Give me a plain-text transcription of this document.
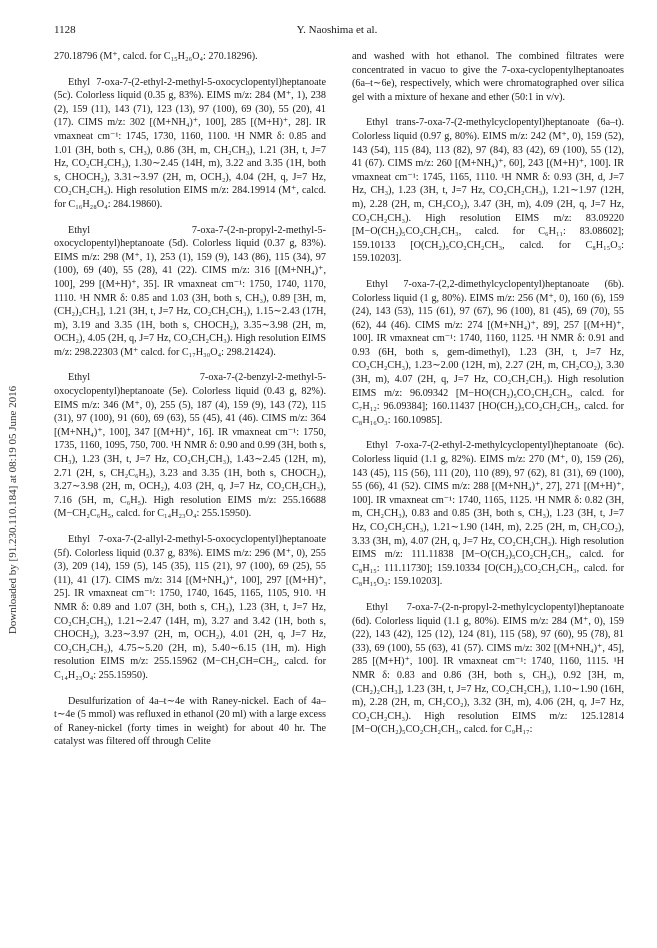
1128	Y. Naoshima et al.
Downloaded by [91.230.110.184] at 08:19 05 June 2016

270.18796 (M⁺, calcd. for C₁₅H₂₆O₄: 270.18296).

Ethyl 7-oxa-7-(2-ethyl-2-methyl-5-oxocyclopentyl)heptanoate (5c). Colorless liquid (0.35 g, 83%). EIMS m/z: 284 (M⁺, 1), 238 (2), 159 (11), 143 (71), 123 (13), 97 (100), 69 (30), 55 (20), 41 (17). CIMS m/z: 302 [(M+NH₄)⁺, 100], 285 [(M+H)⁺, 28]. IR νmaxneat cm⁻¹: 1745, 1730, 1160, 1100. ¹H NMR δ: 0.85 and 1.01 (3H, both s, CH₃), 0.86 (3H, m, CH₂CH₃), 1.21 (3H, t, J=7 Hz, CO₂CH₂CH₃), 1.30∼2.45 (14H, m), 3.22 and 3.35 (1H, both s, CHOCH₂), 3.31∼3.97 (2H, m, OCH₂), 4.04 (2H, q, J=7 Hz, CO₂CH₂CH₃). High resolution EIMS m/z: 284.19914 (M⁺, calcd. for C₁₆H₂₈O₄: 284.19860).

Ethyl 7-oxa-7-(2-n-propyl-2-methyl-5-oxocyclopentyl)heptanoate (5d). Colorless liquid (0.37 g, 83%). EIMS m/z: 298 (M⁺, 1), 253 (1), 159 (9), 143 (86), 115 (34), 97 (100), 69 (40), 55 (28), 41 (22). CIMS m/z: 316 [(M+NH₄)⁺, 100], 299 [(M+H)⁺, 35]. IR νmaxneat cm⁻¹: 1750, 1740, 1170, 1110. ¹H NMR δ: 0.85 and 1.03 (3H, both s, CH₃), 0.89 [3H, m, (CH₂)₂CH₃], 1.21 (3H, t, J=7 Hz, CO₂CH₂CH₃), 1.15∼2.43 (17H, m), 3.19 and 3.35 (1H, both s, CHOCH₂), 3.35∼3.98 (2H, m, OCH₂), 4.05 (2H, q, J=7 Hz, CO₂CH₂CH₃). High resolution EIMS m/z: 298.22303 (M⁺ calcd. for C₁₇H₃₀O₄: 298.21424).

Ethyl 7-oxa-7-(2-benzyl-2-methyl-5-oxocyclopentyl)heptanoate (5e). Colorless liquid (0.43 g, 82%). EIMS m/z: 346 (M⁺, 0), 255 (5), 187 (4), 159 (9), 143 (72), 115 (31), 97 (100), 91 (60), 69 (63), 55 (45), 41 (46). CIMS m/z: 364 [(M+NH₄)⁺, 100], 347 [(M+H)⁺, 16]. IR νmaxneat cm⁻¹: 1750, 1735, 1160, 1095, 750, 700. ¹H NMR δ: 0.90 and 0.99 (3H, both s, CH₃), 1.23 (3H, t, J=7 Hz, CO₂CH₂CH₃), 1.43∼2.45 (12H, m), 2.71 (2H, s, CH₂C₆H₅), 3.23 and 3.35 (1H, both s, CHOCH₂), 3.27∼3.98 (2H, m, OCH₂), 4.03 (2H, q, J=7 Hz, CO₂CH₂CH₃), 7.16 (5H, m, C₆H₅). High resolution EIMS m/z: 255.16688 (M−CH₂C₆H₅, calcd. for C₁₄H₂₃O₄: 255.15950).

Ethyl 7-oxa-7-(2-allyl-2-methyl-5-oxocyclopentyl)heptanoate (5f). Colorless liquid (0.37 g, 83%). EIMS m/z: 296 (M⁺, 0), 255 (3), 209 (14), 159 (5), 145 (35), 115 (21), 97 (100), 69 (25), 55 (11), 41 (17). CIMS m/z: 314 [(M+NH₄)⁺, 100], 297 [(M+H)⁺, 25]. IR νmaxneat cm⁻¹: 1750, 1740, 1645, 1165, 1105, 910. ¹H NMR δ: 0.89 and 1.07 (3H, both s, CH₃), 1.23 (3H, t, J=7 Hz, CO₂CH₂CH₃), 1.21∼2.47 (14H, m), 3.27 and 3.42 (1H, both s, CHOCH₂), 3.23∼3.97 (2H, m, OCH₂), 4.01 (2H, q, J=7 Hz, CO₂CH₂CH₃), 4.75∼5.20 (2H, m), 5.40∼6.15 (1H, m). High resolution EIMS m/z: 255.15962 (M−CH₂CH=CH₂, calcd. for C₁₄H₂₃O₄: 255.15950).

Desulfurization of 4a–t∼4e with Raney-nickel. Each of 4a–t∼4e (5 mmol) was refluxed in ethanol (20 ml) with a large excess of Raney-nickel (forty times in weight) for about 40 hr. The catalyst was filtered off through Celite

and washed with hot ethanol. The combined filtrates were concentrated in vacuo to give the 7-oxa-cyclopentylheptanoates (6a–t∼6e), respectively, which were chromatographed over silica gel with a mixture of hexane and ether (50:1 in v/v).

Ethyl trans-7-oxa-7-(2-methylcyclopentyl)heptanoate (6a–t). Colorless liquid (0.97 g, 80%). EIMS m/z: 242 (M⁺, 0), 159 (52), 143 (54), 115 (84), 113 (82), 97 (84), 83 (42), 69 (100), 55 (12), 41 (67). CIMS m/z: 260 [(M+NH₄)⁺, 60], 243 [(M+H)⁺, 100]. IR νmaxneat cm⁻¹: 1745, 1165, 1110. ¹H NMR δ: 0.93 (3H, d, J=7 Hz, CH₃), 1.23 (3H, t, J=7 Hz, CO₂CH₂CH₃), 1.21∼1.97 (12H, m), 2.28 (2H, m, CH₂CO₂), 3.47 (3H, m), 4.09 (2H, q, J=7 Hz, CO₂CH₂CH₃). High resolution EIMS m/z: 83.09220 [M−O(CH₂)₅CO₂CH₂CH₃, calcd. for C₆H₁₁: 83.08602]; 159.10133 [O(CH₂)₅CO₂CH₂CH₃, calcd. for C₈H₁₅O₃: 159.10203].

Ethyl 7-oxa-7-(2,2-dimethylcyclopentyl)heptanoate (6b). Colorless liquid (1 g, 80%). EIMS m/z: 256 (M⁺, 0), 160 (6), 159 (24), 143 (53), 115 (61), 97 (67), 96 (100), 81 (45), 69 (70), 55 (62), 44 (46). CIMS m/z: 274 [(M+NH₄)⁺, 89], 257 [(M+H)⁺, 100]. IR νmaxneat cm⁻¹: 1740, 1160, 1125. ¹H NMR δ: 0.91 and 0.93 (6H, both s, gem-dimethyl), 1.23 (3H, t, J=7 Hz, CO₂CH₂CH₃), 1.23∼2.00 (12H, m), 2.27 (2H, m, CH₂CO₂), 3.30 (3H, m), 4.07 (2H, q, J=7 Hz, CO₂CH₂CH₃). High resolution EIMS m/z: 96.09342 [M−HO(CH₂)₅CO₂CH₂CH₃, calcd. for C₇H₁₂: 96.09384]; 160.11437 [HO(CH₂)₅CO₂CH₂CH₃, calcd. for C₈H₁₆O₃: 160.10985].

Ethyl 7-oxa-7-(2-ethyl-2-methylcyclopentyl)heptanoate (6c). Colorless liquid (1.1 g, 82%). EIMS m/z: 270 (M⁺, 0), 159 (26), 143 (45), 115 (56), 111 (20), 110 (89), 97 (62), 81 (31), 69 (100), 55 (66), 41 (52). CIMS m/z: 288 [(M+NH₄)⁺, 27], 271 [(M+H)⁺, 100]. IR νmaxneat cm⁻¹: 1740, 1165, 1125. ¹H NMR δ: 0.82 (3H, m, CH₂CH₃), 0.83 and 0.85 (3H, both s, CH₃), 1.23 (3H, t, J=7 Hz, CO₂CH₂CH₃), 1.21∼1.90 (14H, m), 2.25 (2H, m, CH₂CO₂), 3.33 (3H, m), 4.07 (2H, q, J=7 Hz, CO₂CH₂CH₃). High resolution EIMS m/z: 111.11838 [M−O(CH₂)₅CO₂CH₂CH₃, calcd. for C₈H₁₅: 111.11730]; 159.10334 [O(CH₂)₅CO₂CH₂CH₃, calcd. for C₈H₁₅O₃: 159.10203].

Ethyl 7-oxa-7-(2-n-propyl-2-methylcyclopentyl)heptanoate (6d). Colorless liquid (1.1 g, 80%). EIMS m/z: 284 (M⁺, 0), 159 (22), 143 (42), 125 (12), 124 (81), 115 (58), 97 (60), 95 (78), 81 (33), 69 (100), 55 (63), 41 (57). CIMS m/z: 302 [(M+NH₄)⁺, 45], 285 [(M+H)⁺, 100]. IR νmaxneat cm⁻¹: 1740, 1160, 1115. ¹H NMR δ: 0.83 and 0.86 (3H, both s, CH₃), 0.92 [3H, m, (CH₂)₂CH₃], 1.23 (3H, t, J=7 Hz, CO₂CH₂CH₃), 1.10∼1.90 (16H, m), 2.28 (2H, m, CH₂CO₂), 3.32 (3H, m), 4.06 (2H, q, J=7 Hz, CO₂CH₂CH₃). High resolution EIMS m/z: 125.12814 [M−O(CH₂)₅CO₂CH₂CH₃, calcd. for C₉H₁₇:
